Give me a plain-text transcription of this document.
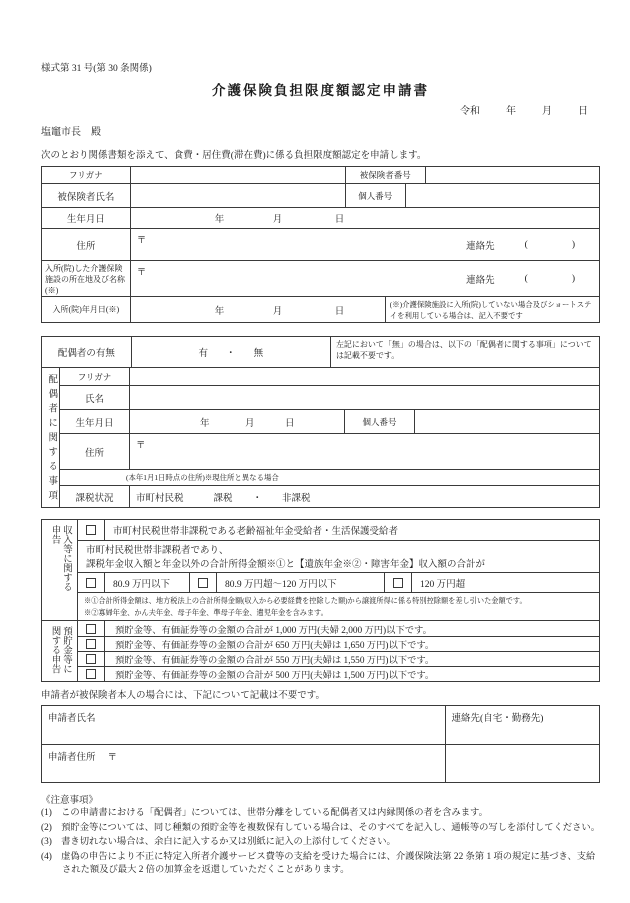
様式第 31 号(第 30 条関係)
介護保険負担限度額認定申請書
令和	年	月	日
塩竈市長　殿
次のとおり関係書類を添えて、食費・居住費(滞在費)に係る負担限度額認定を申請します。
フリガナ	被保険者番号
被保険者氏名	個人番号
生年月日	年	月	日
住所
〒
連絡先	(	)
入所(院)した介護保険施設の所在地及び名称(※)
〒
連絡先	(	)
入所(院)年月日(※)	年	月	日
(※)介護保険施設に入所(院)していない場合及びショートステイを利用している場合は、記入不要です
配偶者の有無	有 ・ 無
左記において「無」の場合は、以下の「配偶者に関する事項」については記載不要です。
配偶者に関する事項	フリガナ
氏名
生年月日	年	月	日	個人番号
住所
〒
(本年1月1日時点の住所)※現住所と異なる場合
課税状況	市町村民税	課税 ・ 非課税
申告 収入等に関する	市町村民税世帯非課税である老齢福祉年金受給者・生活保護受給者
市町村民税世帯非課税者であり、
課税年金収入額と年金以外の合計所得金額※①と【遺族年金※②・障害年金】収入額の合計が
80.9 万円以下	80.9 万円超～120 万円以下	120 万円超
※①合計所得金額は、地方税法上の合計所得金額(収入から必要経費を控除した額)から譲渡所得に係る特別控除額を差し引いた金額です。
※②寡婦年金、かん夫年金、母子年金、準母子年金、遺児年金を含みます。
関する申告 預貯金等に	預貯金等、有価証券等の金額の合計が 1,000 万円(夫婦 2,000 万円)以下です。
預貯金等、有価証券等の金額の合計が 650 万円(夫婦は 1,650 万円)以下です。
預貯金等、有価証券等の金額の合計が 550 万円(夫婦は 1,550 万円)以下です。
預貯金等、有価証券等の金額の合計が 500 万円(夫婦は 1,500 万円)以下です。
申請者が被保険者本人の場合には、下記について記載は不要です。
申請者氏名	連絡先(自宅・勤務先)
申請者住所 〒
《注意事項》
(1)　この申請書における「配偶者」については、世帯分離をしている配偶者又は内縁関係の者を含みます。
(2)　預貯金等については、同じ種類の預貯金等を複数保有している場合は、そのすべてを記入し、通帳等の写しを添付してください。
(3)　書き切れない場合は、余白に記入するか又は別紙に記入の上添付してください。
(4)　虚偽の申告により不正に特定入所者介護サービス費等の支給を受けた場合には、介護保険法第 22 条第 1 項の規定に基づき、支給された額及び最大 2 倍の加算金を返還していただくことがあります。
